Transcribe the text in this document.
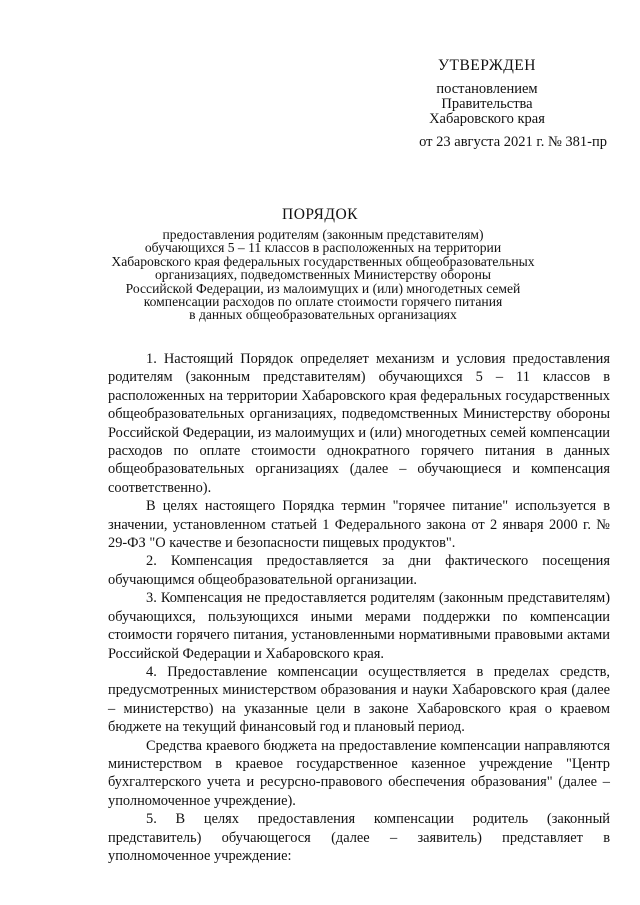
УТВЕРЖДЕН
постановлением
Правительства
Хабаровского края
от 23 августа 2021 г. № 381-пр
ПОРЯДОК
предоставления родителям (законным представителям)
обучающихся 5 – 11 классов в расположенных на территории
Хабаровского края федеральных государственных общеобразовательных
организациях, подведомственных Министерству обороны
Российской Федерации, из малоимущих и (или) многодетных семей
компенсации расходов по оплате стоимости горячего питания
в данных общеобразовательных организациях

1. Настоящий Порядок определяет механизм и условия предоставления родителям (законным представителям) обучающихся 5 – 11 классов в расположенных на территории Хабаровского края федеральных государственных общеобразовательных организациях, подведомственных Министерству обороны Российской Федерации, из малоимущих и (или) многодетных семей компенсации расходов по оплате стоимости однократного горячего питания в данных общеобразовательных организациях (далее – обучающиеся и компенсация соответственно).

В целях настоящего Порядка термин "горячее питание" используется в значении, установленном статьей 1 Федерального закона от 2 января 2000 г. № 29-ФЗ "О качестве и безопасности пищевых продуктов".

2. Компенсация предоставляется за дни фактического посещения обучающимся общеобразовательной организации.

3. Компенсация не предоставляется родителям (законным представителям) обучающихся, пользующихся иными мерами поддержки по компенсации стоимости горячего питания, установленными нормативными правовыми актами Российской Федерации и Хабаровского края.

4. Предоставление компенсации осуществляется в пределах средств, предусмотренных министерством образования и науки Хабаровского края (далее – министерство) на указанные цели в законе Хабаровского края о краевом бюджете на текущий финансовый год и плановый период.

Средства краевого бюджета на предоставление компенсации направляются министерством в краевое государственное казенное учреждение "Центр бухгалтерского учета и ресурсно-правового обеспечения образования" (далее – уполномоченное учреждение).

5. В целях предоставления компенсации родитель (законный представитель) обучающегося (далее – заявитель) представляет в уполномоченное учреждение:
